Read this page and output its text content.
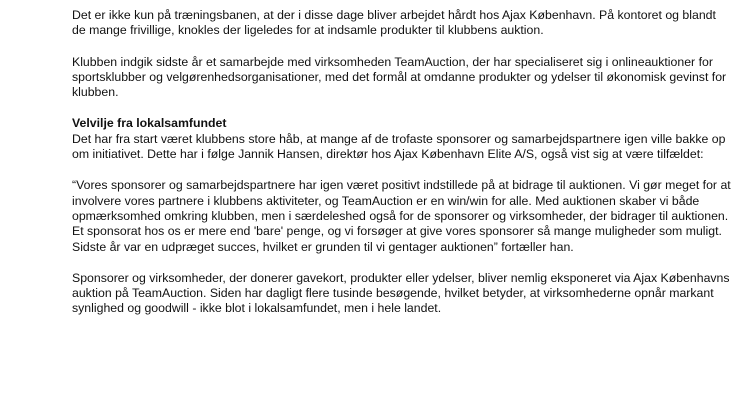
Det er ikke kun på træningsbanen, at der i disse dage bliver arbejdet hårdt hos Ajax København. På kontoret og blandt de mange frivillige, knokles der ligeledes for at indsamle produkter til klubbens auktion.

Klubben indgik sidste år et samarbejde med virksomheden TeamAuction, der har specialiseret sig i onlineauktioner for sportsklubber og velgørenhedsorganisationer, med det formål at omdanne produkter og ydelser til økonomisk gevinst for klubben.

Velvilje fra lokalsamfundet

Det har fra start været klubbens store håb, at mange af de trofaste sponsorer og samarbejdspartnere igen ville bakke op om initiativet. Dette har i følge Jannik Hansen, direktør hos Ajax København Elite A/S, også vist sig at være tilfældet:

“Vores sponsorer og samarbejdspartnere har igen været positivt indstillede på at bidrage til auktionen. Vi gør meget for at involvere vores partnere i klubbens aktiviteter, og TeamAuction er en win/win for alle. Med auktionen skaber vi både opmærksomhed omkring klubben, men i særdeleshed også for de sponsorer og virksomheder, der bidrager til auktionen. Et sponsorat hos os er mere end 'bare' penge, og vi forsøger at give vores sponsorer så mange muligheder som muligt. Sidste år var en udpræget succes, hvilket er grunden til vi gentager auktionen” fortæller han.

Sponsorer og virksomheder, der donerer gavekort, produkter eller ydelser, bliver nemlig eksponeret via Ajax Københavns auktion på TeamAuction. Siden har dagligt flere tusinde besøgende, hvilket betyder, at virksomhederne opnår markant synlighed og goodwill - ikke blot i lokalsamfundet, men i hele landet.
